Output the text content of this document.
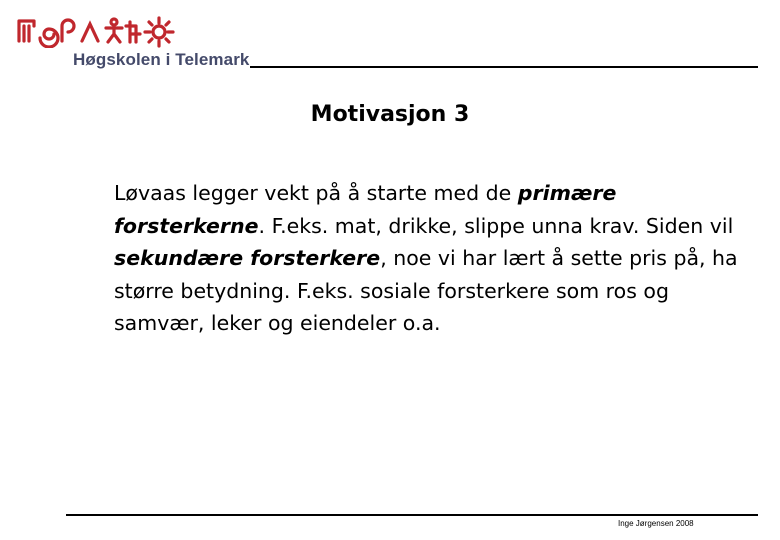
Høgskolen i Telemark
Motivasjon 3
Løvaas legger vekt på å starte med de primære forsterkerne. F.eks. mat, drikke, slippe unna krav. Siden vil sekundære forsterkere, noe vi har lært å sette pris på, ha større betydning. F.eks. sosiale forsterkere som ros og samvær, leker og eiendeler o.a.
Inge Jørgensen 2008
